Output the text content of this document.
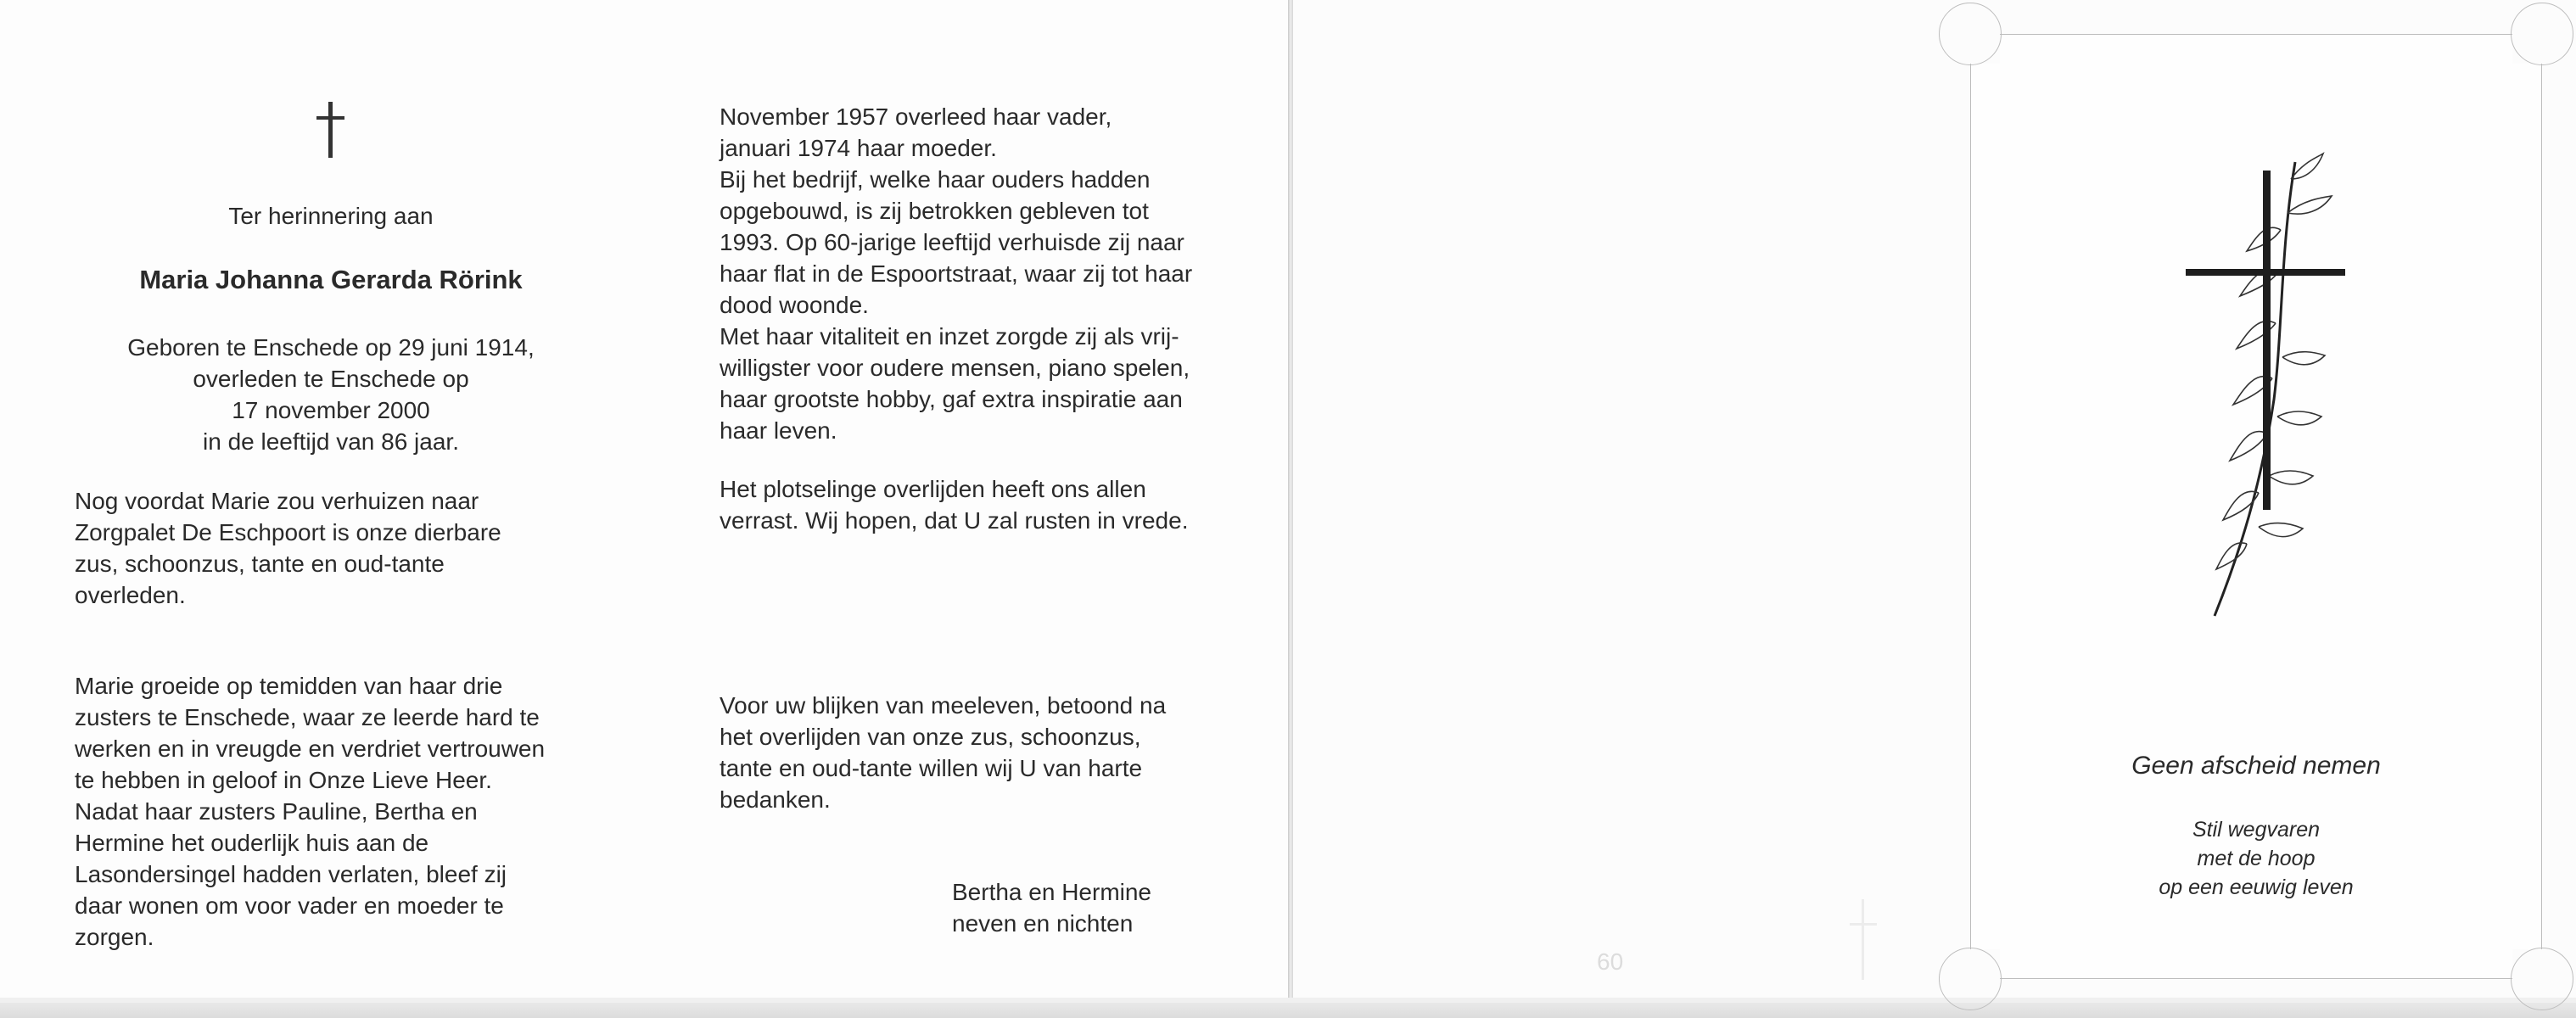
Ter herinnering aan

Maria Johanna Gerarda Rörink

Geboren te Enschede op 29 juni 1914,

overleden te Enschede op

17 november 2000

in de leeftijd van 86 jaar.

Nog voordat Marie zou verhuizen naar

Zorgpalet De Eschpoort is onze dierbare

zus, schoonzus, tante en oud-tante

overleden.

Marie groeide op temidden van haar drie

zusters te Enschede, waar ze leerde hard te

werken en in vreugde en verdriet vertrouwen

te hebben in geloof in Onze Lieve Heer.

Nadat haar zusters Pauline, Bertha en

Hermine het ouderlijk huis aan de

Lasondersingel hadden verlaten, bleef zij

daar wonen om voor vader en moeder te

zorgen.

November 1957 overleed haar vader,

januari 1974 haar moeder.

Bij het bedrijf, welke haar ouders hadden

opgebouwd, is zij betrokken gebleven tot

1993. Op 60-jarige leeftijd verhuisde zij naar

haar flat in de Espoortstraat, waar zij tot haar

dood woonde.

Met haar vitaliteit en inzet zorgde zij als vrij-

willigster voor oudere mensen, piano spelen,

haar grootste hobby, gaf extra inspiratie aan

haar leven.

Het plotselinge overlijden heeft ons allen

verrast. Wij hopen, dat U zal rusten in vrede.

Voor uw blijken van meeleven, betoond na

het overlijden van onze zus, schoonzus,

tante en oud-tante willen wij U van harte

bedanken.

Bertha en Hermine

neven en nichten

60
Geen afscheid nemen

Stil wegvaren

met de hoop

op een eeuwig leven
